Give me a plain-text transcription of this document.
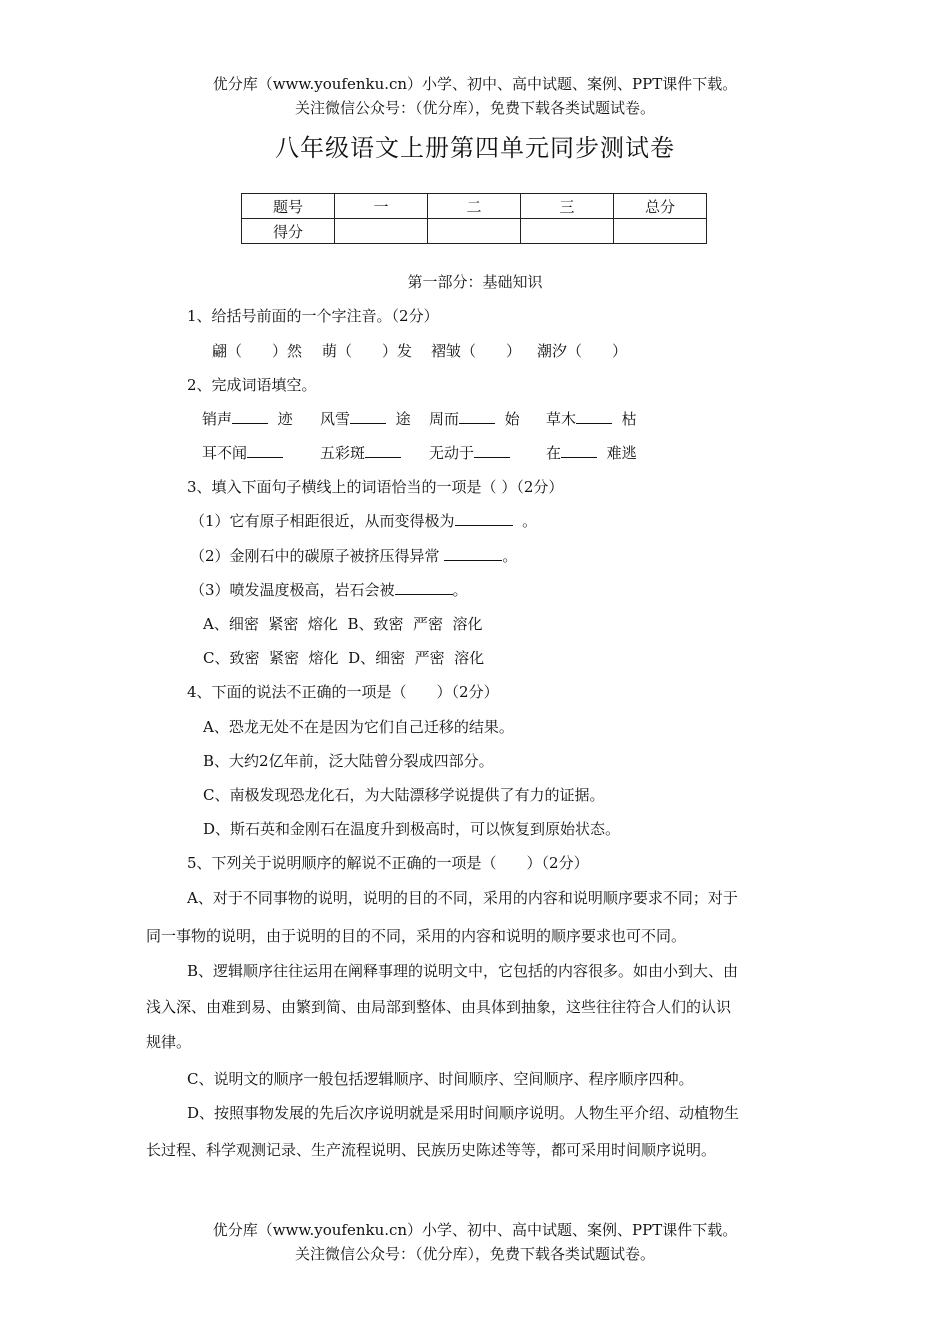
优分库（www.youfenku.cn）小学、初中、高中试题、案例、PPT课件下载。
关注微信公众号：（优分库），免费下载各类试题试卷。
八年级语文上册第四单元同步测试卷
题号	一	二	三	总分
得分				
第一部分：基础知识
1、给括号前面的一个字注音。（2分）
翩（　　）然 萌（　　）发 褶皱（　　） 潮汐（　　）
2、完成词语填空。
销声	迹 风雪	途 周而	始 草木	枯
耳不闻	五彩斑	无动于	在	难逃
3、填入下面句子横线上的词语恰当的一项是（ ）（2分）
（1）它有原子相距很近，从而变得极为	。
（2）金刚石中的碳原子被挤压得异常	。
（3）喷发温度极高，岩石会被	。
A、细密  紧密  熔化  B、致密  严密  溶化
C、致密  紧密  熔化  D、细密  严密  溶化
4、下面的说法不正确的一项是（　　）（2分）
A、恐龙无处不在是因为它们自己迁移的结果。
B、大约2亿年前，泛大陆曾分裂成四部分。
C、南极发现恐龙化石，为大陆漂移学说提供了有力的证据。
D、斯石英和金刚石在温度升到极高时，可以恢复到原始状态。
5、下列关于说明顺序的解说不正确的一项是（　　）（2分）
A、对于不同事物的说明，说明的目的不同，采用的内容和说明顺序要求不同；对于
同一事物的说明，由于说明的目的不同，采用的内容和说明的顺序要求也可不同。
B、逻辑顺序往往运用在阐释事理的说明文中，它包括的内容很多。如由小到大、由
浅入深、由难到易、由繁到简、由局部到整体、由具体到抽象，这些往往符合人们的认识
规律。
C、说明文的顺序一般包括逻辑顺序、时间顺序、空间顺序、程序顺序四种。
D、按照事物发展的先后次序说明就是采用时间顺序说明。人物生平介绍、动植物生
长过程、科学观测记录、生产流程说明、民族历史陈述等等，都可采用时间顺序说明。
优分库（www.youfenku.cn）小学、初中、高中试题、案例、PPT课件下载。
关注微信公众号：（优分库），免费下载各类试题试卷。
